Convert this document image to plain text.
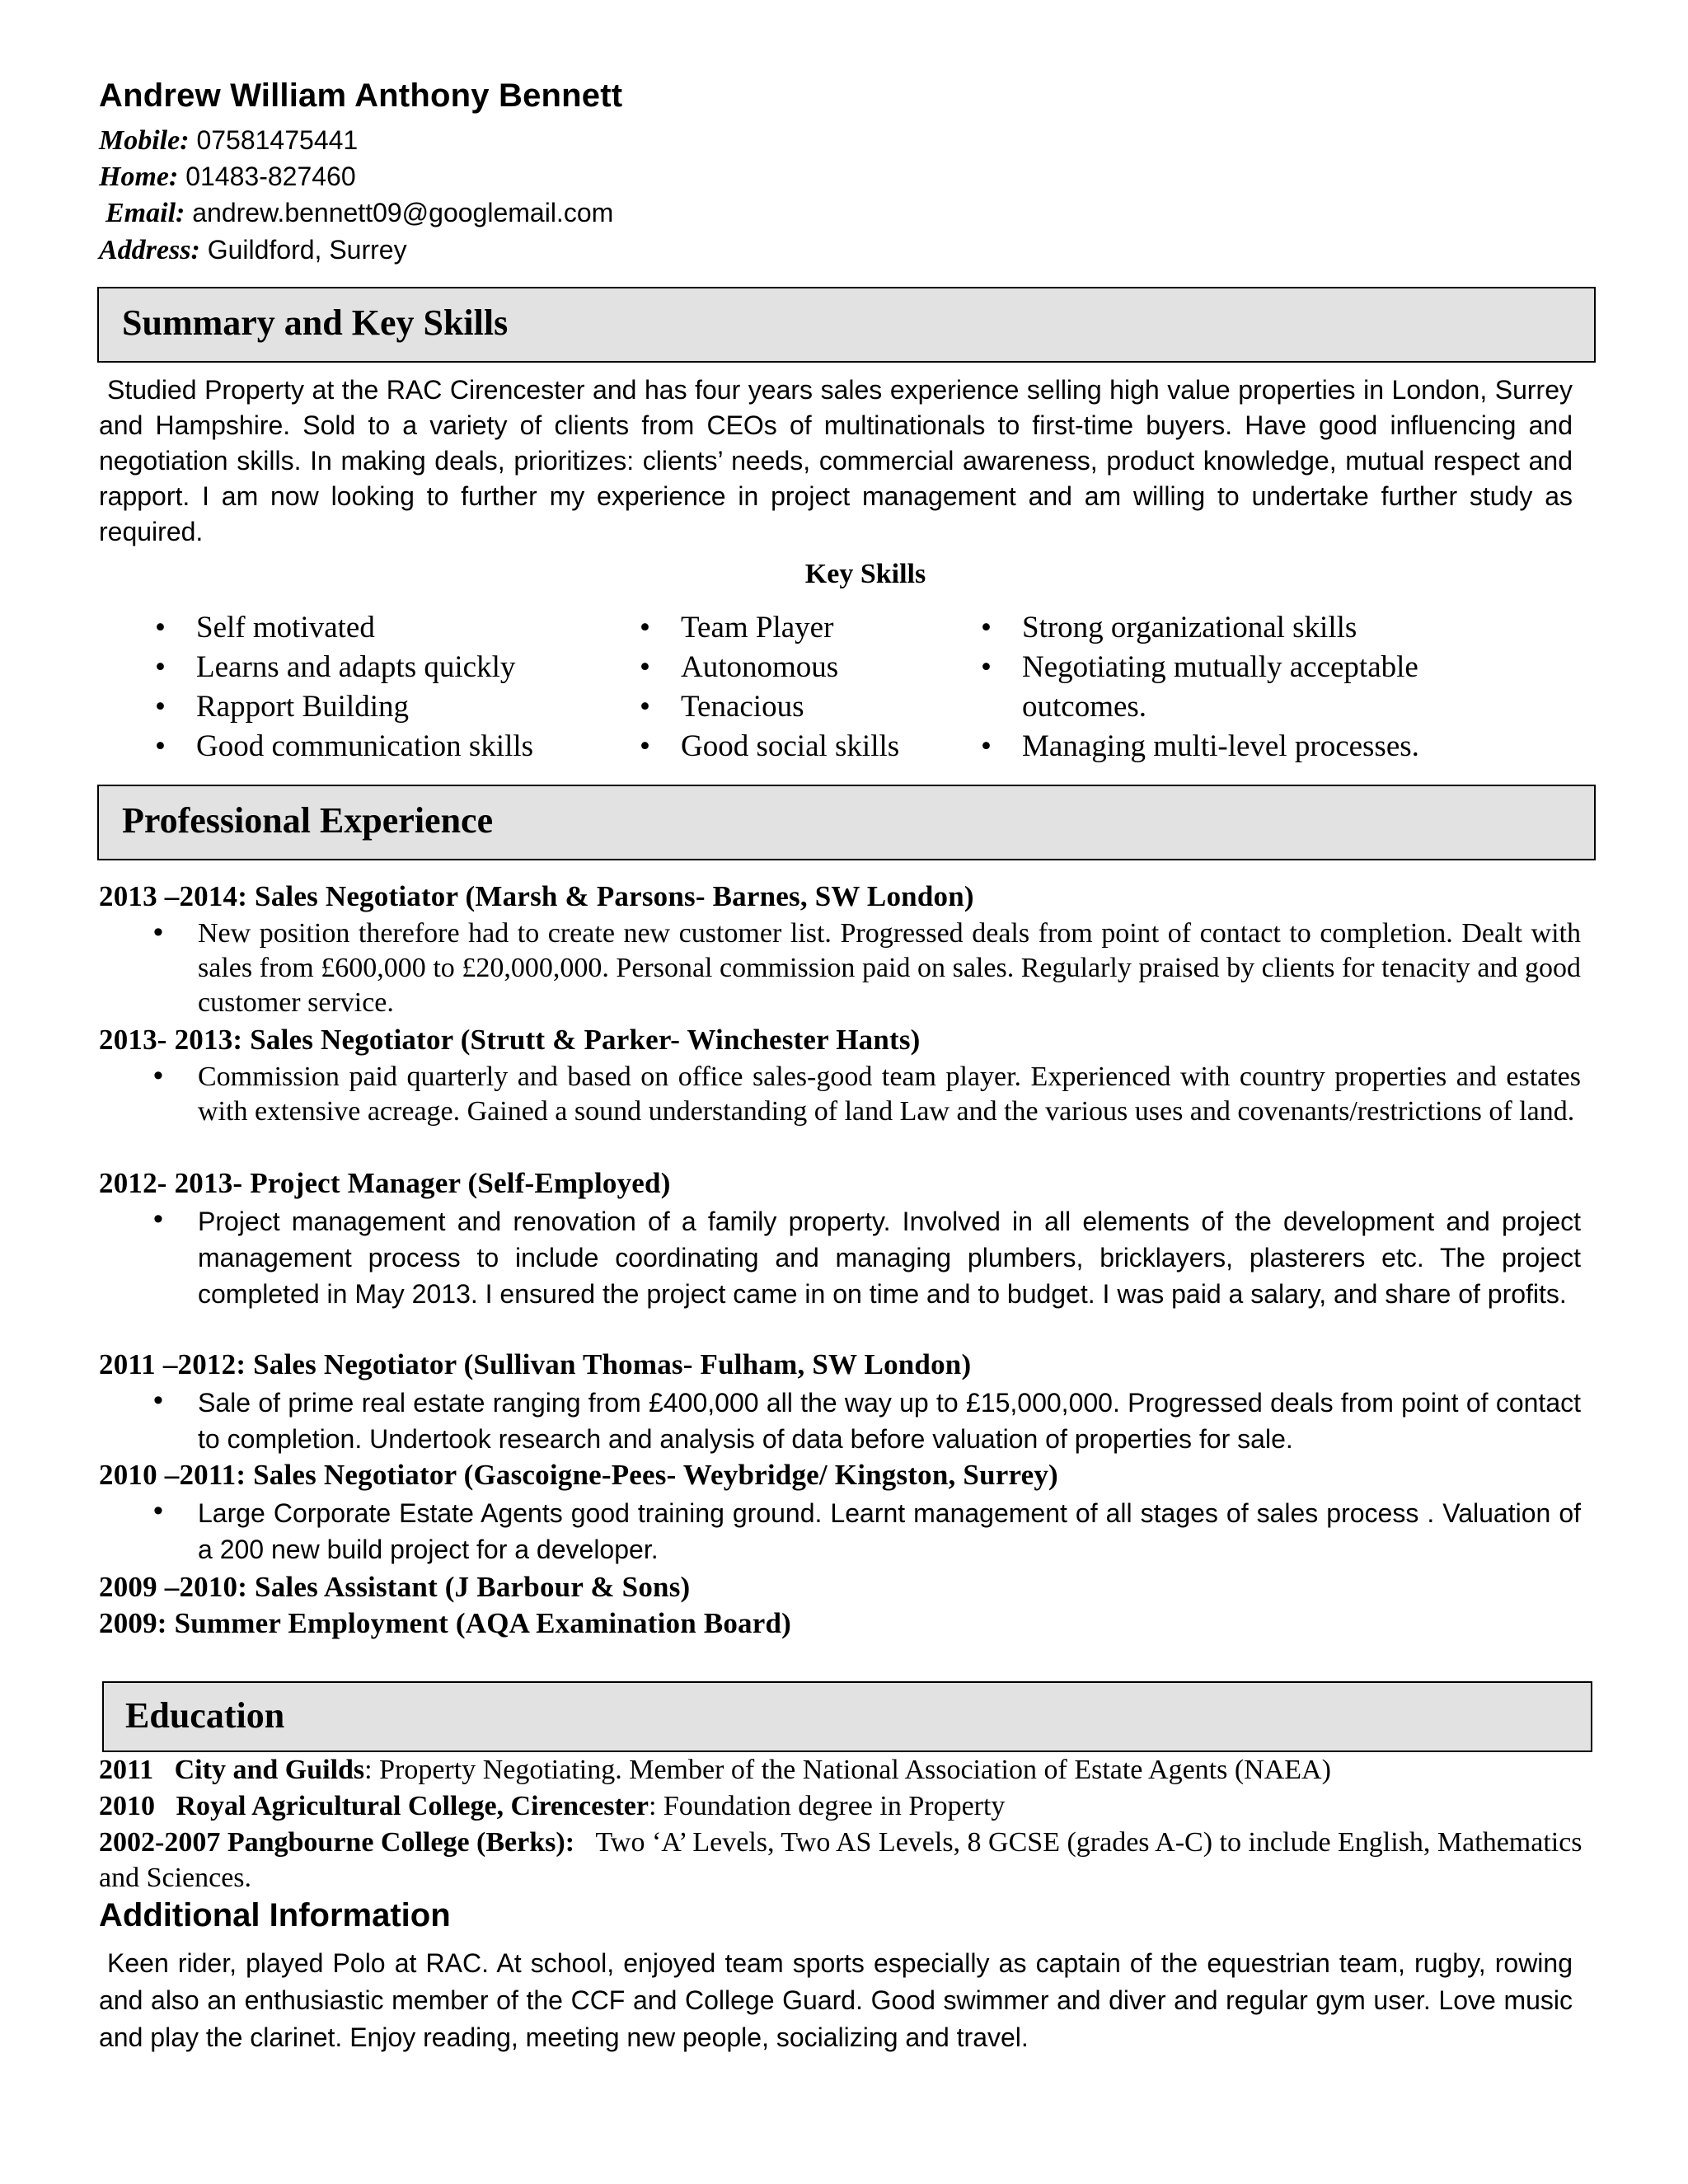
Andrew William Anthony Bennett
Mobile: 07581475441
Home: 01483-827460
Email: andrew.bennett09@googlemail.com
Address: Guildford, Surrey
Summary and Key Skills
Studied Property at the RAC Cirencester and has four years sales experience selling high value properties in London, Surrey and Hampshire. Sold to a variety of clients from CEOs of multinationals to first-time buyers. Have good influencing and negotiation skills. In making deals, prioritizes: clients’ needs, commercial awareness, product knowledge, mutual respect and rapport. I am now looking to further my experience in project management and am willing to undertake further study as required.
Key Skills
• Self motivated
• Learns and adapts quickly
• Rapport Building
• Good communication skills
• Team Player
• Autonomous
• Tenacious
• Good social skills
• Strong organizational skills
• Negotiating mutually acceptable outcomes.
• Managing multi-level processes.
Professional Experience
2013 –2014: Sales Negotiator (Marsh & Parsons- Barnes, SW London)
• New position therefore had to create new customer list. Progressed deals from point of contact to completion. Dealt with sales from £600,000 to £20,000,000. Personal commission paid on sales. Regularly praised by clients for tenacity and good customer service.
2013- 2013: Sales Negotiator (Strutt & Parker- Winchester Hants)
• Commission paid quarterly and based on office sales-good team player. Experienced with country properties and estates with extensive acreage. Gained a sound understanding of land Law and the various uses and covenants/restrictions of land.
2012- 2013- Project Manager (Self-Employed)
• Project management and renovation of a family property. Involved in all elements of the development and project management process to include coordinating and managing plumbers, bricklayers, plasterers etc. The project completed in May 2013. I ensured the project came in on time and to budget. I was paid a salary, and share of profits.
2011 –2012: Sales Negotiator (Sullivan Thomas- Fulham, SW London)
• Sale of prime real estate ranging from £400,000 all the way up to £15,000,000. Progressed deals from point of contact to completion. Undertook research and analysis of data before valuation of properties for sale.
2010 –2011: Sales Negotiator (Gascoigne-Pees- Weybridge/ Kingston, Surrey)
• Large Corporate Estate Agents good training ground. Learnt management of all stages of sales process . Valuation of a 200 new build project for a developer.
2009 –2010: Sales Assistant (J Barbour & Sons)
2009: Summer Employment (AQA Examination Board)
Education
2011 City and Guilds: Property Negotiating. Member of the National Association of Estate Agents (NAEA)
2010 Royal Agricultural College, Cirencester: Foundation degree in Property
2002-2007 Pangbourne College (Berks): Two ‘A’ Levels, Two AS Levels, 8 GCSE (grades A-C) to include English, Mathematics and Sciences.
Additional Information
Keen rider, played Polo at RAC. At school, enjoyed team sports especially as captain of the equestrian team, rugby, rowing and also an enthusiastic member of the CCF and College Guard. Good swimmer and diver and regular gym user. Love music and play the clarinet. Enjoy reading, meeting new people, socializing and travel.
